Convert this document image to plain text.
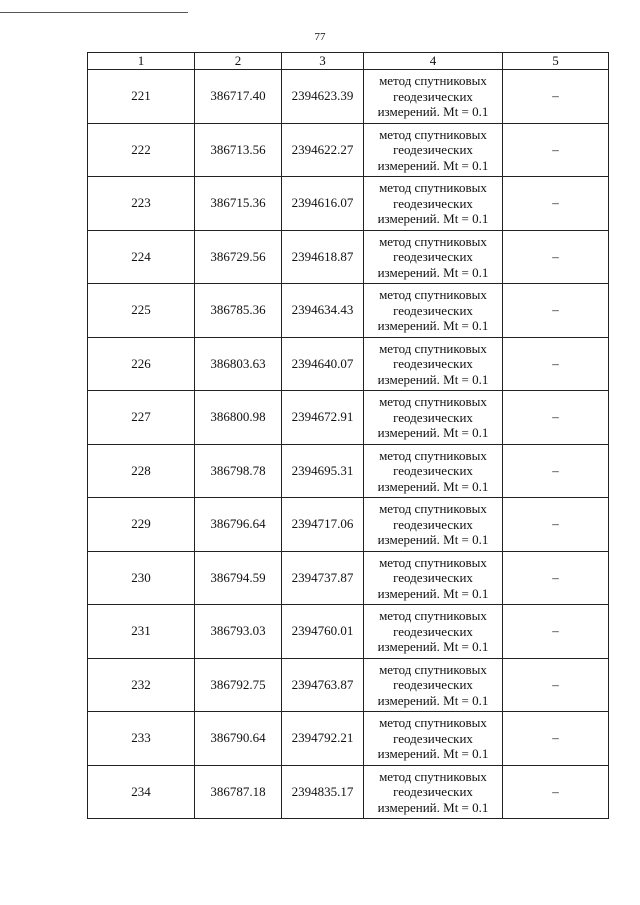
77
1	2	3	4	5
221	386717.40	2394623.39	метод спутниковых
геодезических
измерений. Mt = 0.1	–
222	386713.56	2394622.27	метод спутниковых
геодезических
измерений. Mt = 0.1	–
223	386715.36	2394616.07	метод спутниковых
геодезических
измерений. Mt = 0.1	–
224	386729.56	2394618.87	метод спутниковых
геодезических
измерений. Mt = 0.1	–
225	386785.36	2394634.43	метод спутниковых
геодезических
измерений. Mt = 0.1	–
226	386803.63	2394640.07	метод спутниковых
геодезических
измерений. Mt = 0.1	–
227	386800.98	2394672.91	метод спутниковых
геодезических
измерений. Mt = 0.1	–
228	386798.78	2394695.31	метод спутниковых
геодезических
измерений. Mt = 0.1	–
229	386796.64	2394717.06	метод спутниковых
геодезических
измерений. Mt = 0.1	–
230	386794.59	2394737.87	метод спутниковых
геодезических
измерений. Mt = 0.1	–
231	386793.03	2394760.01	метод спутниковых
геодезических
измерений. Mt = 0.1	–
232	386792.75	2394763.87	метод спутниковых
геодезических
измерений. Mt = 0.1	–
233	386790.64	2394792.21	метод спутниковых
геодезических
измерений. Mt = 0.1	–
234	386787.18	2394835.17	метод спутниковых
геодезических
измерений. Mt = 0.1	–
